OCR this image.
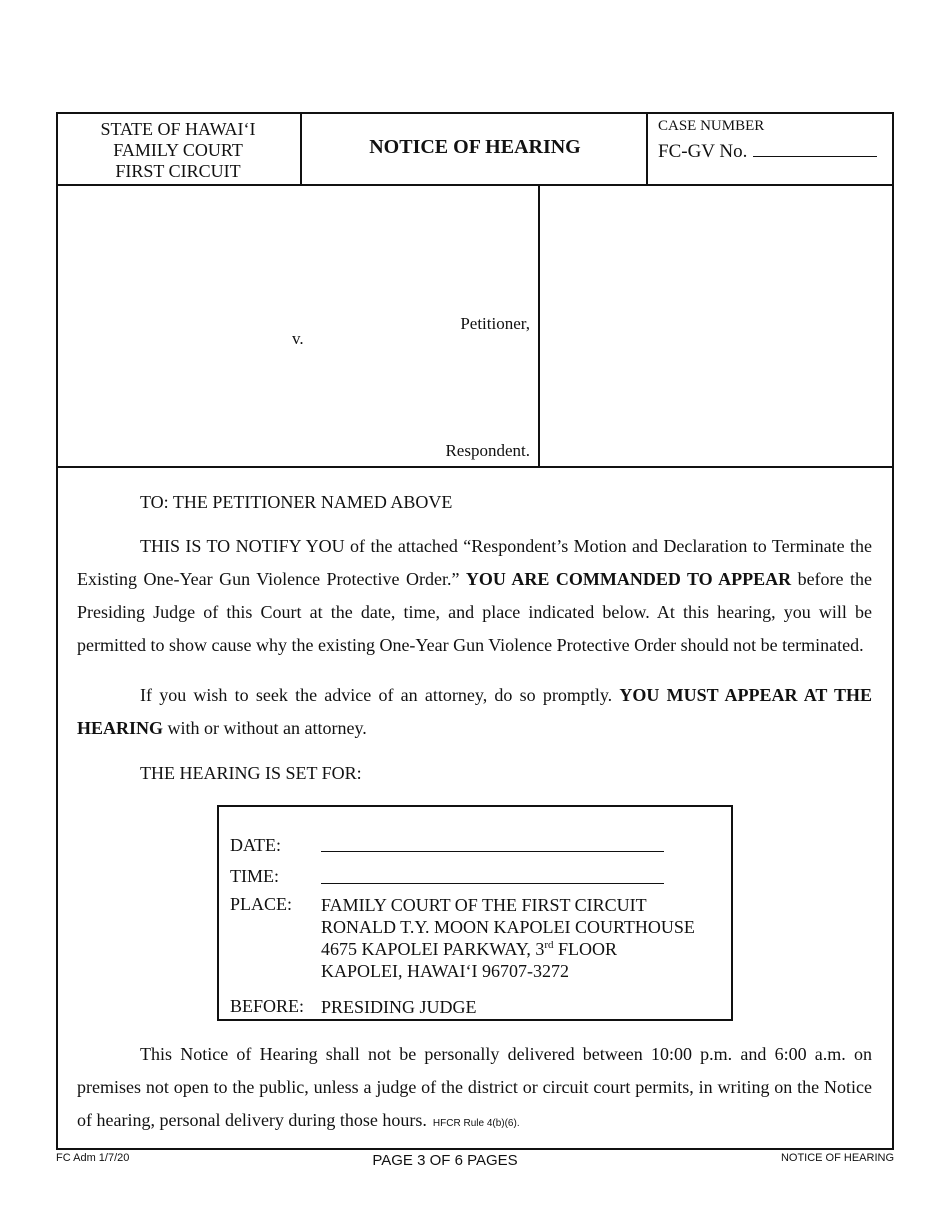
STATE OF HAWAI‘I
FAMILY COURT
FIRST CIRCUIT
NOTICE OF HEARING
CASE NUMBER
FC-GV No.
Petitioner,
v.
Respondent.
TO: THE PETITIONER NAMED ABOVE

THIS IS TO NOTIFY YOU of the attached “Respondent’s Motion and Declaration to Terminate the Existing One-Year Gun Violence Protective Order.” YOU ARE COMMANDED TO APPEAR before the Presiding Judge of this Court at the date, time, and place indicated below. At this hearing, you will be permitted to show cause why the existing One-Year Gun Violence Protective Order should not be terminated.

If you wish to seek the advice of an attorney, do so promptly. YOU MUST APPEAR AT THE HEARING with or without an attorney.

THE HEARING IS SET FOR:
DATE:
TIME:
PLACE: FAMILY COURT OF THE FIRST CIRCUIT
RONALD T.Y. MOON KAPOLEI COURTHOUSE
4675 KAPOLEI PARKWAY, 3rd FLOOR
KAPOLEI, HAWAI‘I 96707-3272
BEFORE: PRESIDING JUDGE

This Notice of Hearing shall not be personally delivered between 10:00 p.m. and 6:00 a.m. on premises not open to the public, unless a judge of the district or circuit court permits, in writing on the Notice of hearing, personal delivery during those hours. HFCR Rule 4(b)(6).

FC Adm 1/7/20	PAGE 3 OF 6 PAGES	NOTICE OF HEARING
